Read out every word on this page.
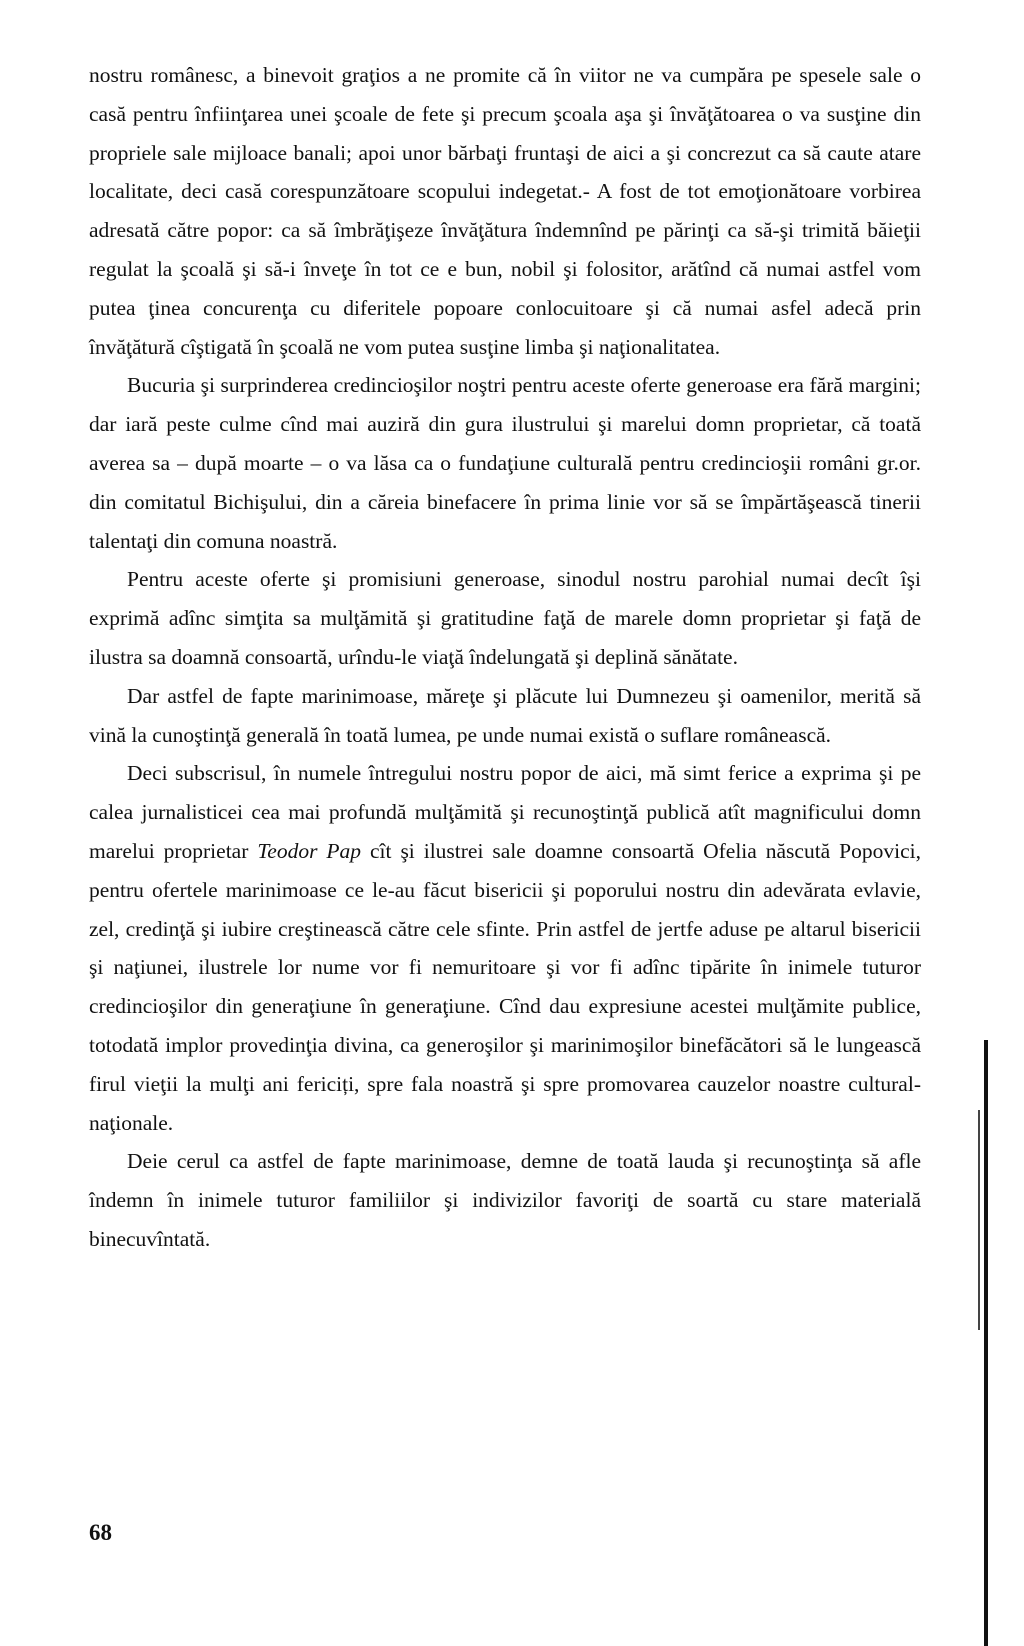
nostru românesc, a binevoit graţios a ne promite că în viitor ne va cumpăra pe spesele sale o casă pentru înfiinţarea unei şcoale de fete şi precum şcoala aşa şi învăţătoarea o va susţine din propriele sale mijloace banali; apoi unor bărbaţi fruntaşi de aici a şi concrezut ca să caute atare localitate, deci casă corespunzătoare scopului indegetat.- A fost de tot emoţionătoare vorbirea adresată către popor: ca să îmbrăţişeze învăţătura îndemnînd pe părinţi ca să-şi trimită băieţii regulat la şcoală şi să-i înveţe în tot ce e bun, nobil şi folositor, arătînd că numai astfel vom putea ţinea concurenţa cu diferitele popoare conlocuitoare şi că numai asfel adecă prin învăţătură cîştigată în şcoală ne vom putea susţine limba şi naţionalitatea.

Bucuria şi surprinderea credincioşilor noştri pentru aceste oferte generoase era fără margini; dar iară peste culme cînd mai auziră din gura ilustrului şi marelui domn proprietar, că toată averea sa – după moarte – o va lăsa ca o fundaţiune culturală pentru credincioşii români gr.or. din comitatul Bichişului, din a căreia binefacere în prima linie vor să se împărtăşească tinerii talentaţi din comuna noastră.

Pentru aceste oferte şi promisiuni generoase, sinodul nostru parohial numai decît îşi exprimă adînc simţita sa mulţămită şi gratitudine faţă de marele domn proprietar şi faţă de ilustra sa doamnă consoartă, urîndu-le viaţă îndelungată şi deplină sănătate.

Dar astfel de fapte marinimoase, măreţe şi plăcute lui Dumnezeu şi oamenilor, merită să vină la cunoştinţă generală în toată lumea, pe unde numai există o suflare românească.

Deci subscrisul, în numele întregului nostru popor de aici, mă simt ferice a exprima şi pe calea jurnalisticei cea mai profundă mulţămită şi recunoştinţă publică atît magnificului domn marelui proprietar Teodor Pap cît şi ilustrei sale doamne consoartă Ofelia născută Popovici, pentru ofertele marinimoase ce le-au făcut bisericii şi poporului nostru din adevărata evlavie, zel, credinţă şi iubire creştinească către cele sfinte. Prin astfel de jertfe aduse pe altarul bisericii şi naţiunei, ilustrele lor nume vor fi nemuritoare şi vor fi adînc tipărite în inimele tuturor credincioşilor din generaţiune în generaţiune. Cînd dau expresiune acestei mulţămite publice, totodată implor provedinţia divina, ca generoşilor şi marinimoşilor binefăcători să le lungească firul vieţii la mulţi ani fericiți, spre fala noastră şi spre promovarea cauzelor noastre cultural-naţionale.

Deie cerul ca astfel de fapte marinimoase, demne de toată lauda şi recunoştinţa să afle îndemn în inimele tuturor familiilor şi indivizilor favoriţi de soartă cu stare materială binecuvîntată.

68
